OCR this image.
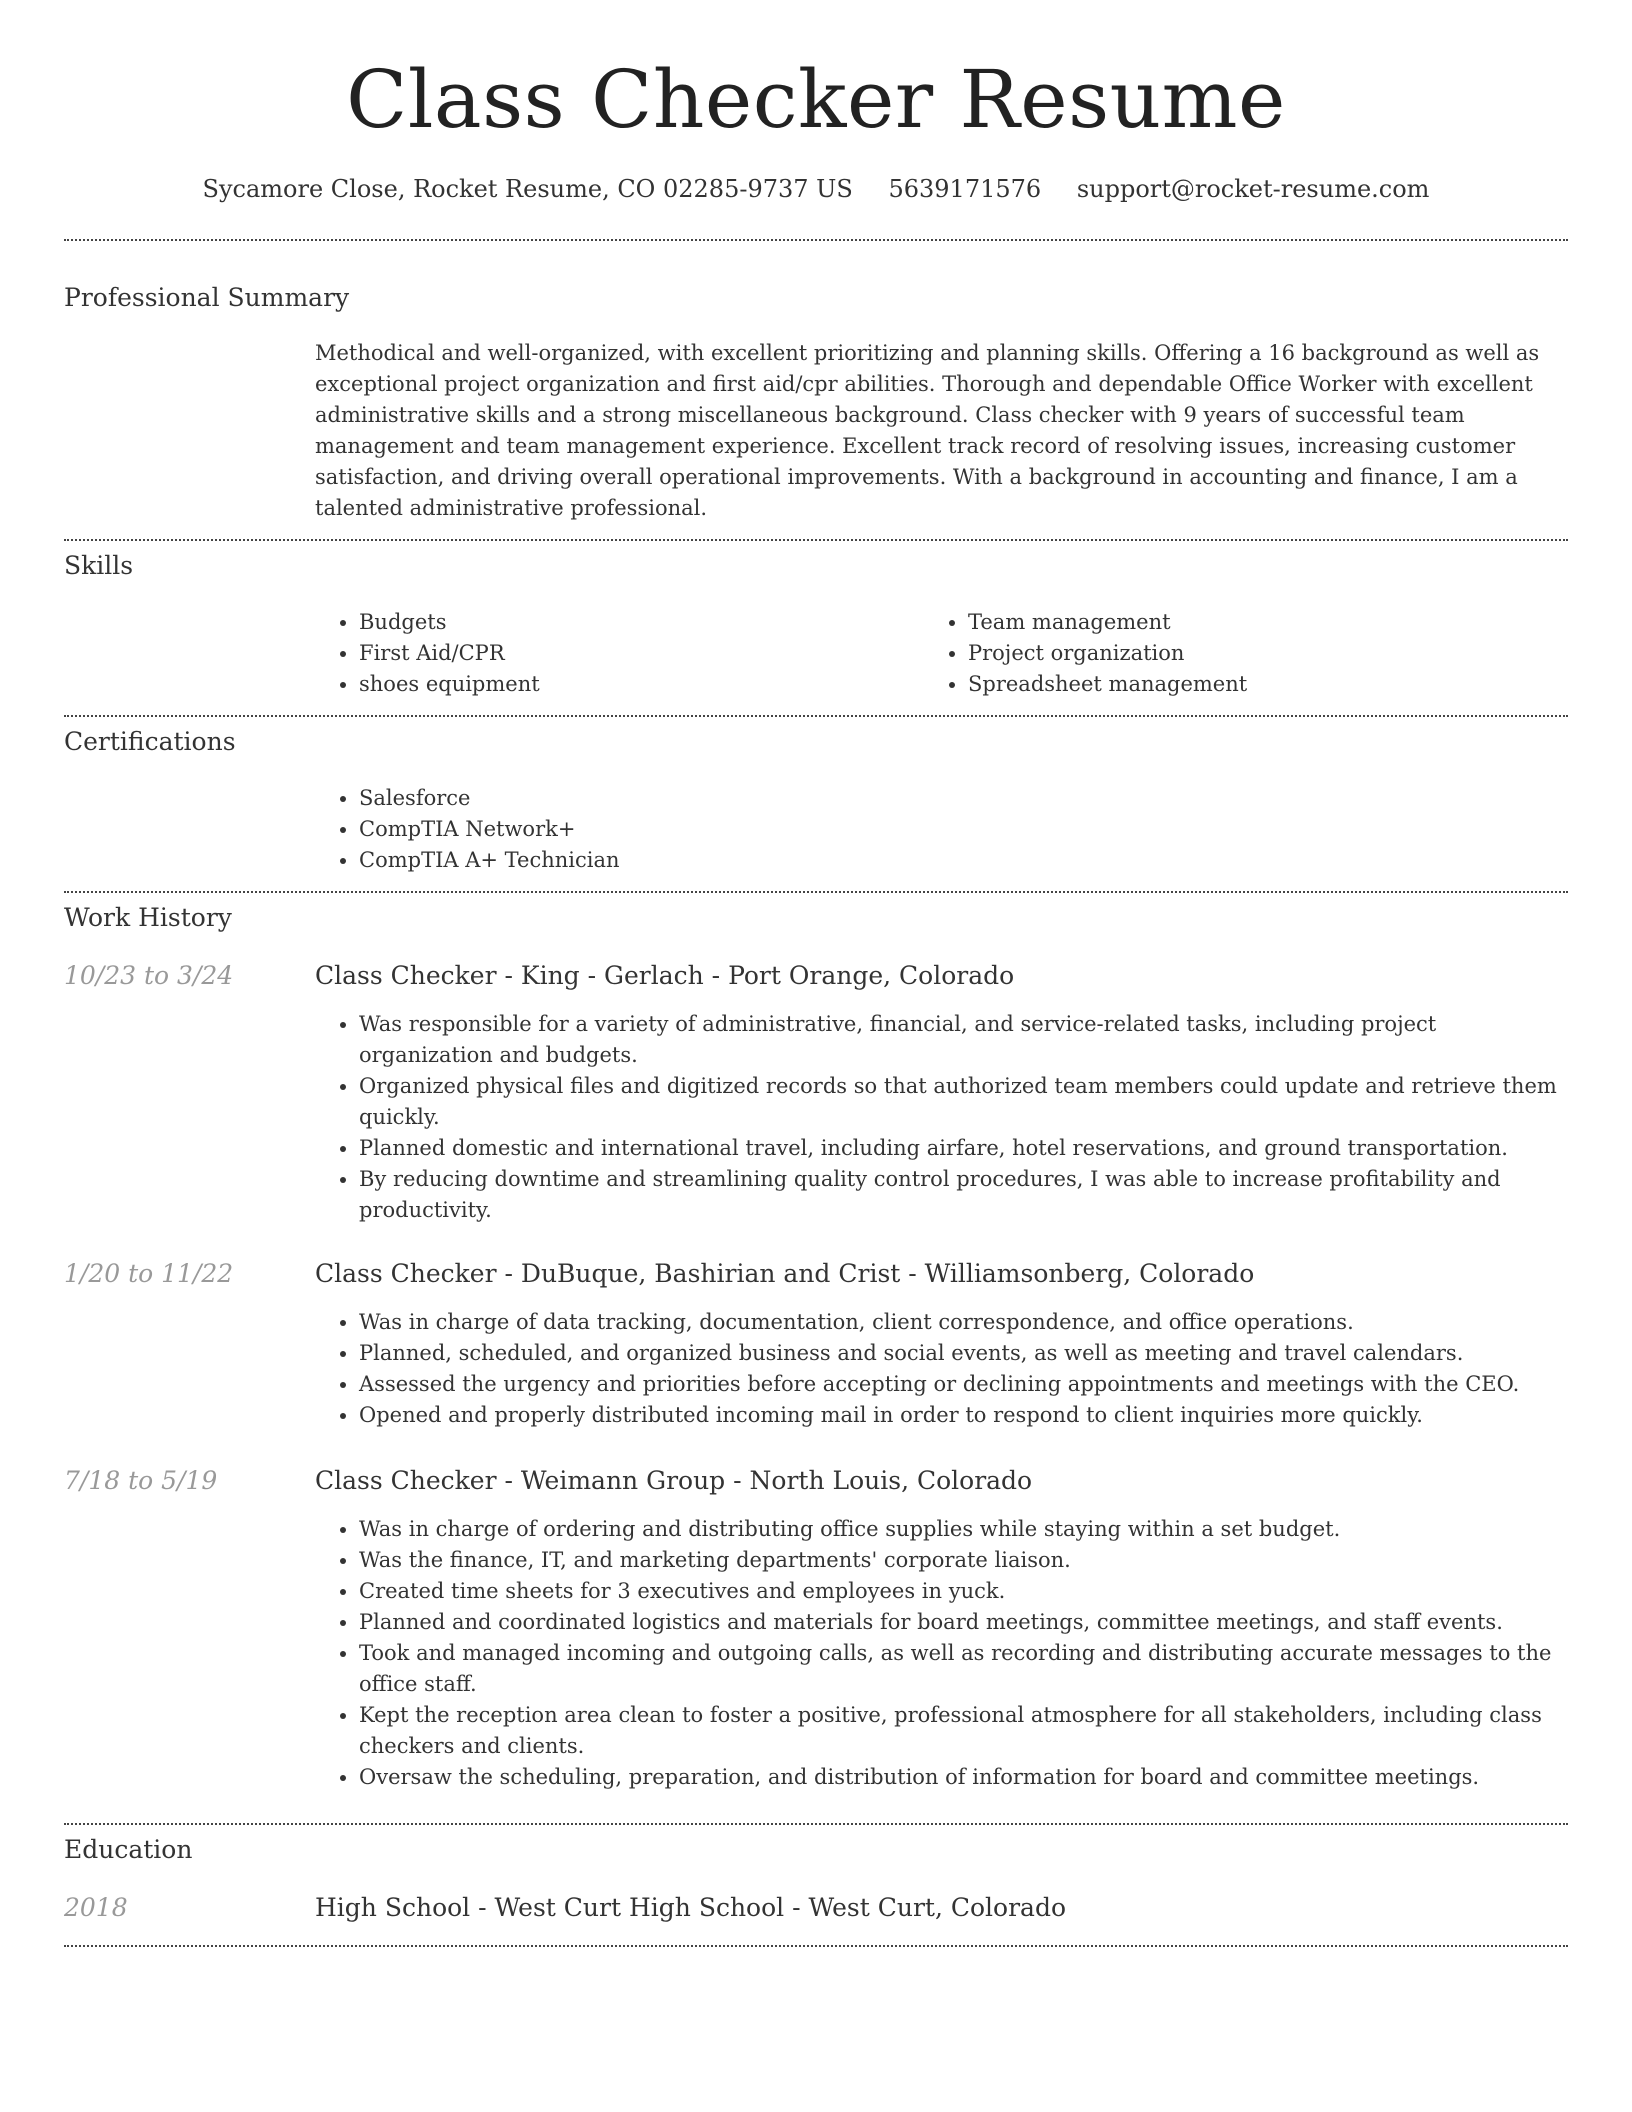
Class Checker Resume
Sycamore Close, Rocket Resume, CO 02285-9737 US 5639171576 support@rocket-resume.com
Professional Summary
Methodical and well-organized, with excellent prioritizing and planning skills. Offering a 16 background as well as exceptional project organization and first aid/cpr abilities. Thorough and dependable Office Worker with excellent administrative skills and a strong miscellaneous background. Class checker with 9 years of successful team management and team management experience. Excellent track record of resolving issues, increasing customer satisfaction, and driving overall operational improvements. With a background in accounting and finance, I am a talented administrative professional.
Skills
• Budgets
• First Aid/CPR
• shoes equipment
• Team management
• Project organization
• Spreadsheet management
Certifications
• Salesforce
• CompTIA Network+
• CompTIA A+ Technician
Work History
10/23 to 3/24	Class Checker - King - Gerlach - Port Orange, Colorado
• Was responsible for a variety of administrative, financial, and service-related tasks, including project organization and budgets.
• Organized physical files and digitized records so that authorized team members could update and retrieve them quickly.
• Planned domestic and international travel, including airfare, hotel reservations, and ground transportation.
• By reducing downtime and streamlining quality control procedures, I was able to increase profitability and productivity.
1/20 to 11/22	Class Checker - DuBuque, Bashirian and Crist - Williamsonberg, Colorado
• Was in charge of data tracking, documentation, client correspondence, and office operations.
• Planned, scheduled, and organized business and social events, as well as meeting and travel calendars.
• Assessed the urgency and priorities before accepting or declining appointments and meetings with the CEO.
• Opened and properly distributed incoming mail in order to respond to client inquiries more quickly.
7/18 to 5/19	Class Checker - Weimann Group - North Louis, Colorado
• Was in charge of ordering and distributing office supplies while staying within a set budget.
• Was the finance, IT, and marketing departments' corporate liaison.
• Created time sheets for 3 executives and employees in yuck.
• Planned and coordinated logistics and materials for board meetings, committee meetings, and staff events.
• Took and managed incoming and outgoing calls, as well as recording and distributing accurate messages to the office staff.
• Kept the reception area clean to foster a positive, professional atmosphere for all stakeholders, including class checkers and clients.
• Oversaw the scheduling, preparation, and distribution of information for board and committee meetings.
Education
2018	High School - West Curt High School - West Curt, Colorado
